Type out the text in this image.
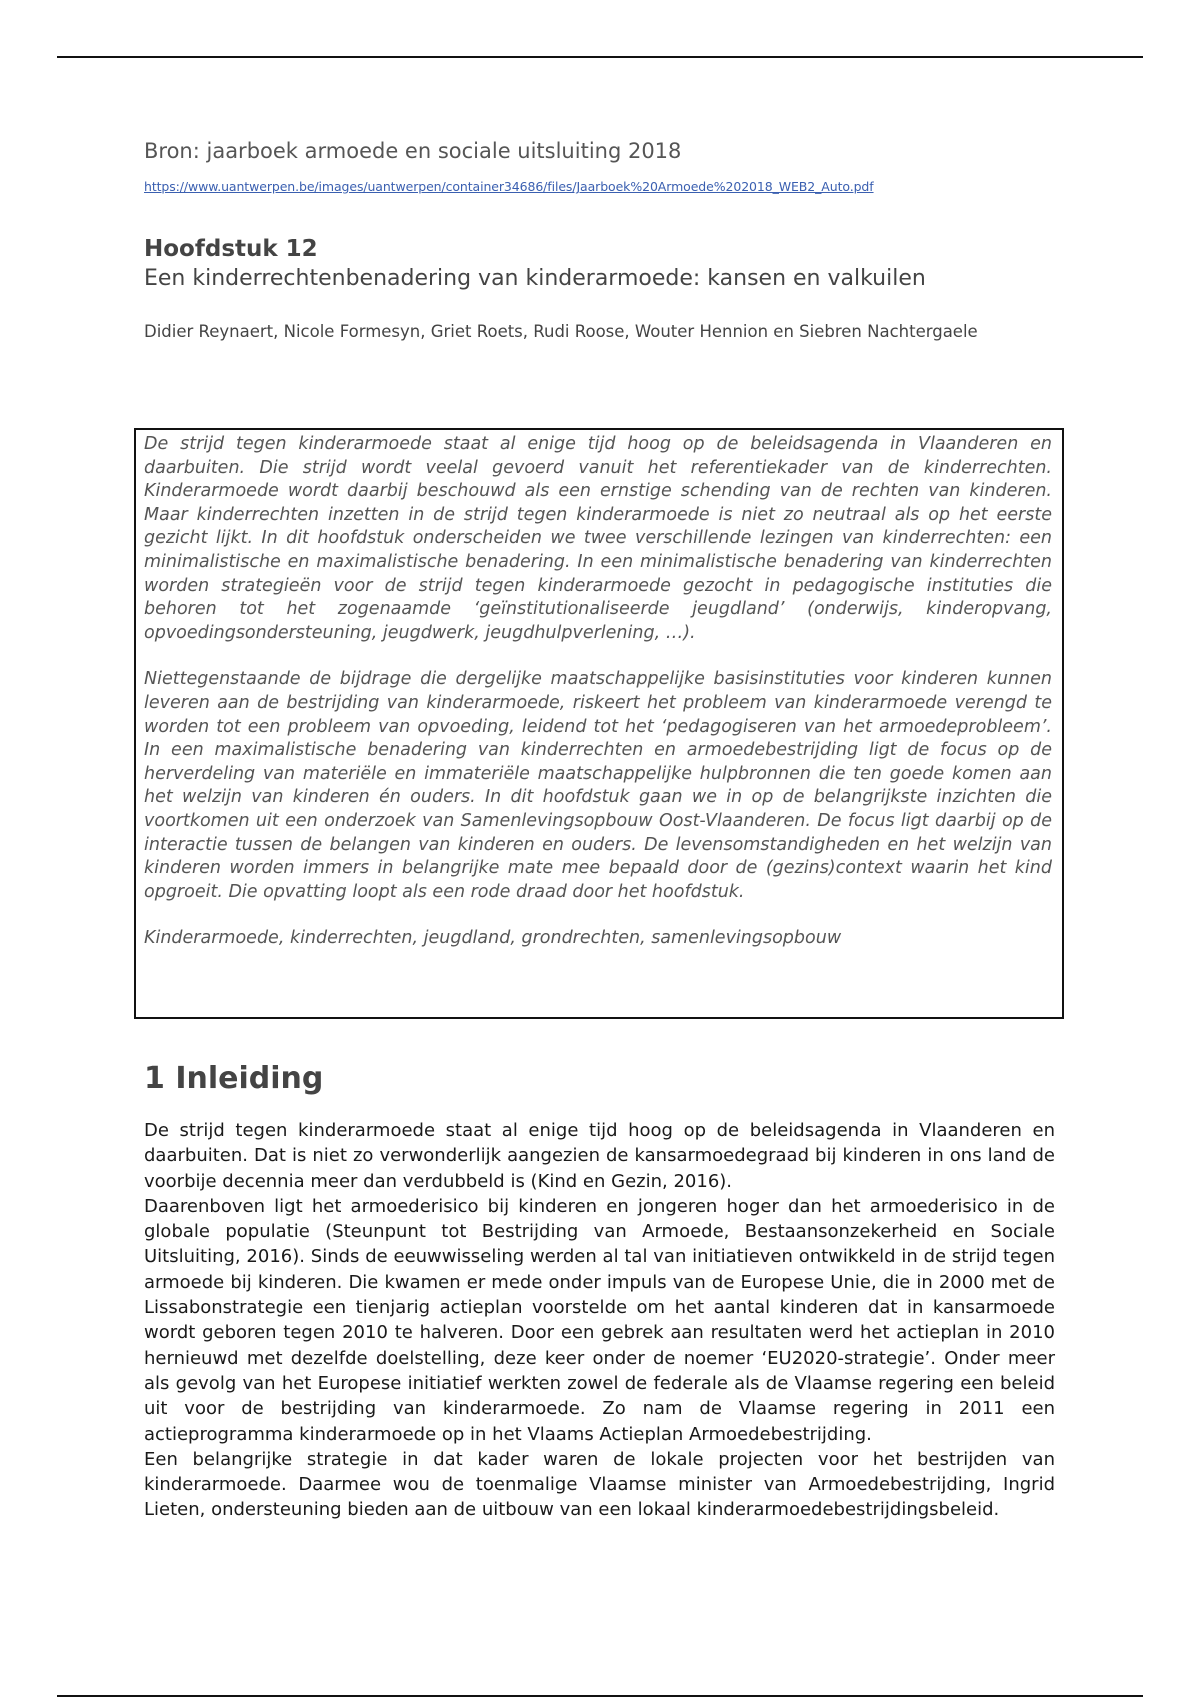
Bron: jaarboek armoede en sociale uitsluiting 2018

https://www.uantwerpen.be/images/uantwerpen/container34686/files/Jaarboek%20Armoede%202018_WEB2_Auto.pdf

Hoofdstuk 12

Een kinderrechtenbenadering van kinderarmoede: kansen en valkuilen

Didier Reynaert, Nicole Formesyn, Griet Roets, Rudi Roose, Wouter Hennion en Siebren Nachtergaele

De strijd tegen kinderarmoede staat al enige tijd hoog op de beleidsagenda in Vlaanderen en daarbuiten. Die strijd wordt veelal gevoerd vanuit het referentiekader van de kinderrechten. Kinderarmoede wordt daarbij beschouwd als een ernstige schending van de rechten van kinderen. Maar kinderrechten inzetten in de strijd tegen kinderarmoede is niet zo neutraal als op het eerste gezicht lijkt. In dit hoofdstuk onderscheiden we twee verschillende lezingen van kinderrechten: een minimalistische en maximalistische benadering. In een minimalistische benadering van kinderrechten worden strategieën voor de strijd tegen kinderarmoede gezocht in pedagogische instituties die behoren tot het zogenaamde ‘geïnstitutionaliseerde jeugdland’ (onderwijs, kinderopvang, opvoedingsondersteuning, jeugdwerk, jeugdhulpverlening, …).

Niettegenstaande de bijdrage die dergelijke maatschappelijke basisinstituties voor kinderen kunnen leveren aan de bestrijding van kinderarmoede, riskeert het probleem van kinderarmoede verengd te worden tot een probleem van opvoeding, leidend tot het ‘pedagogiseren van het armoedeprobleem’. In een maximalistische benadering van kinderrechten en armoedebestrijding ligt de focus op de herverdeling van materiële en immateriële maatschappelijke hulpbronnen die ten goede komen aan het welzijn van kinderen én ouders. In dit hoofdstuk gaan we in op de belangrijkste inzichten die voortkomen uit een onderzoek van Samenlevingsopbouw Oost-Vlaanderen. De focus ligt daarbij op de interactie tussen de belangen van kinderen en ouders. De levensomstandigheden en het welzijn van kinderen worden immers in belangrijke mate mee bepaald door de (gezins)context waarin het kind opgroeit. Die opvatting loopt als een rode draad door het hoofdstuk.

Kinderarmoede, kinderrechten, jeugdland, grondrechten, samenlevingsopbouw

1 Inleiding

De strijd tegen kinderarmoede staat al enige tijd hoog op de beleidsagenda in Vlaanderen en daarbuiten. Dat is niet zo verwonderlijk aangezien de kansarmoedegraad bij kinderen in ons land de voorbije decennia meer dan verdubbeld is (Kind en Gezin, 2016).

Daarenboven ligt het armoederisico bij kinderen en jongeren hoger dan het armoederisico in de globale populatie (Steunpunt tot Bestrijding van Armoede, Bestaansonzekerheid en Sociale Uitsluiting, 2016). Sinds de eeuwwisseling werden al tal van initiatieven ontwikkeld in de strijd tegen armoede bij kinderen. Die kwamen er mede onder impuls van de Europese Unie, die in 2000 met de Lissabonstrategie een tienjarig actieplan voorstelde om het aantal kinderen dat in kansarmoede wordt geboren tegen 2010 te halveren. Door een gebrek aan resultaten werd het actieplan in 2010 hernieuwd met dezelfde doelstelling, deze keer onder de noemer ‘EU2020-strategie’. Onder meer als gevolg van het Europese initiatief werkten zowel de federale als de Vlaamse regering een beleid uit voor de bestrijding van kinderarmoede. Zo nam de Vlaamse regering in 2011 een actieprogramma kinderarmoede op in het Vlaams Actieplan Armoedebestrijding.

Een belangrijke strategie in dat kader waren de lokale projecten voor het bestrijden van kinderarmoede. Daarmee wou de toenmalige Vlaamse minister van Armoedebestrijding, Ingrid Lieten, ondersteuning bieden aan de uitbouw van een lokaal kinderarmoedebestrijdingsbeleid.
